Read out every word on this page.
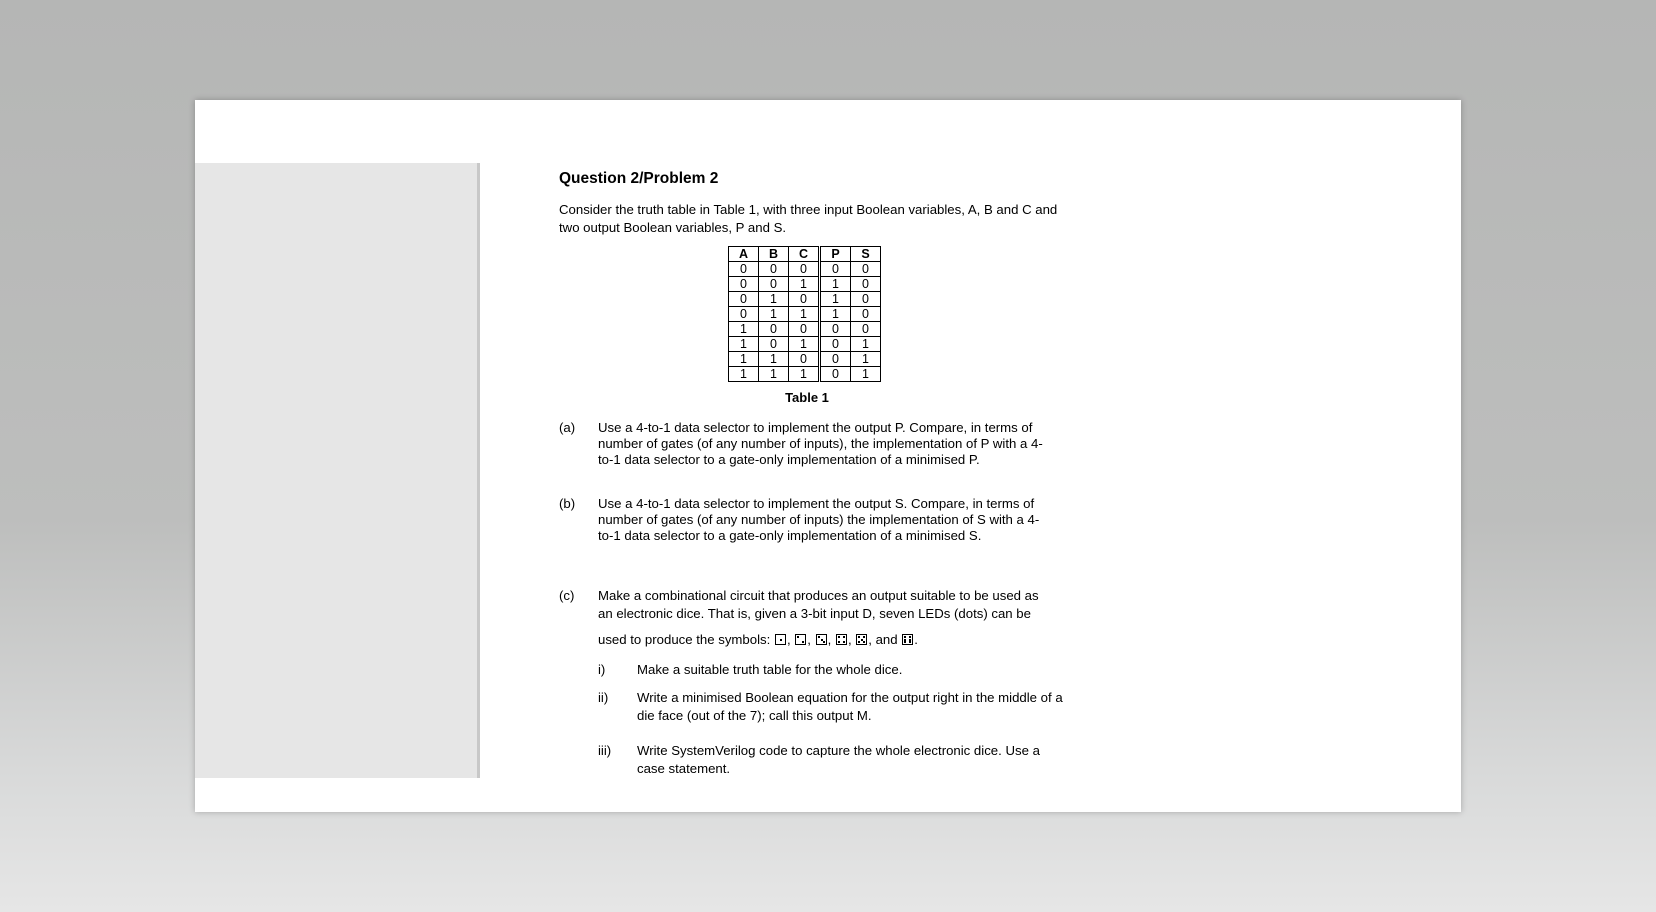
Question 2/Problem 2
Consider the truth table in Table 1, with three input Boolean variables, A, B and C and two output Boolean variables, P and S.
A	B	C	P	S
0	0	0	0	0
0	0	1	1	0
0	1	0	1	0
0	1	1	1	0
1	0	0	0	0
1	0	1	0	1
1	1	0	0	1
1	1	1	0	1
Table 1
(a) Use a 4-to-1 data selector to implement the output P. Compare, in terms of number of gates (of any number of inputs), the implementation of P with a 4-to-1 data selector to a gate-only implementation of a minimised P.
(b) Use a 4-to-1 data selector to implement the output S. Compare, in terms of number of gates (of any number of inputs) the implementation of S with a 4-to-1 data selector to a gate-only implementation of a minimised S.
(c) Make a combinational circuit that produces an output suitable to be used as an electronic dice. That is, given a 3-bit input D, seven LEDs (dots) can be
used to produce the symbols: ,
,
,
,
, and .
i) Make a suitable truth table for the whole dice.
ii) Write a minimised Boolean equation for the output right in the middle of a die face (out of the 7); call this output M.
iii) Write SystemVerilog code to capture the whole electronic dice. Use a case statement.
